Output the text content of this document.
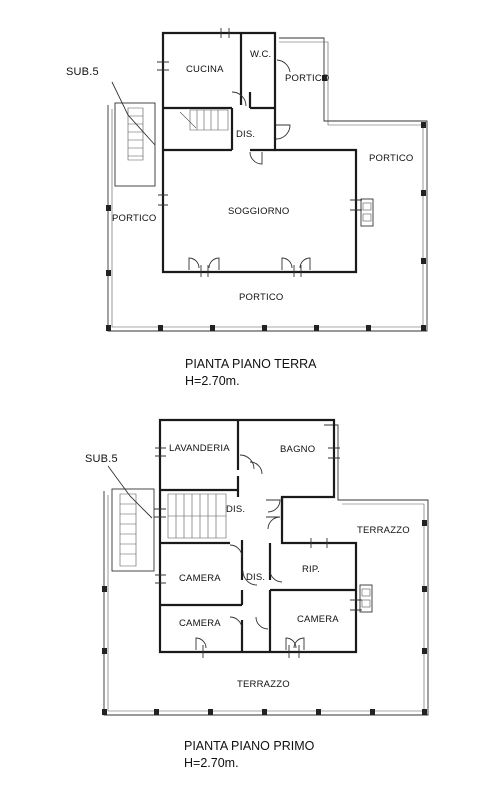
SUB.5	CUCINA
W.C.
PORTICO
DIS.
PORTICO
PORTICO
SOGGIORNO
PORTICO
PIANTA PIANO TERRA
H=2.70m.
SUB.5
LAVANDERIA	BAGNO
DIS.
TERRAZZO
CAMERA	DIS.
RIP.
CAMERA	CAMERA
TERRAZZO
PIANTA PIANO PRIMO
H=2.70m.
